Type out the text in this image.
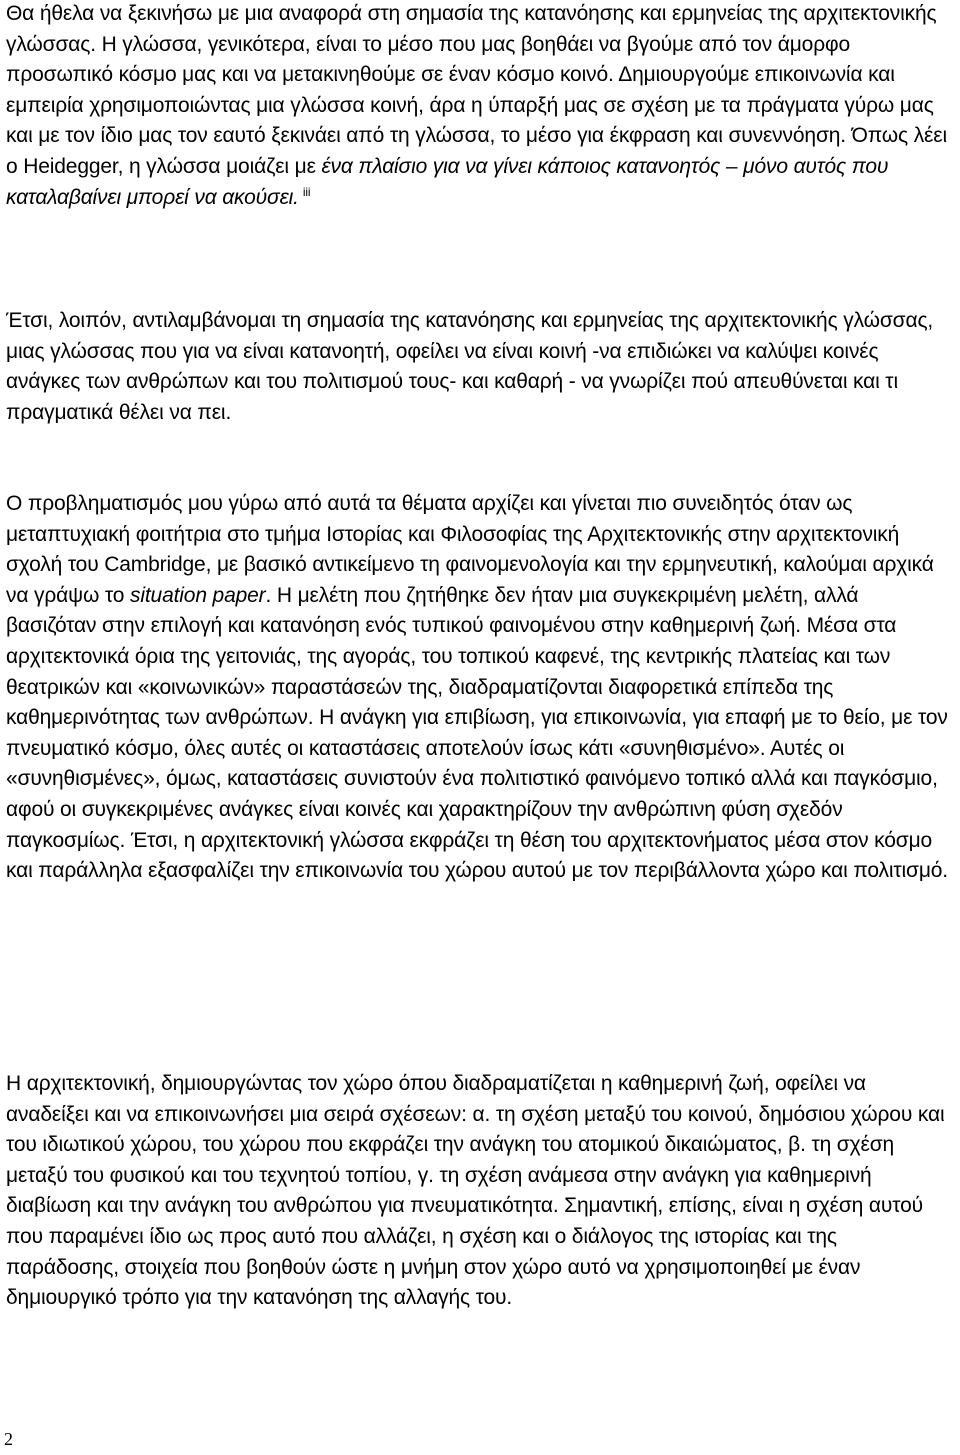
Θα ήθελα να ξεκινήσω με μια αναφορά στη σημασία της κατανόησης και ερμηνείας της αρχιτεκτονικής γλώσσας. Η γλώσσα, γενικότερα, είναι το μέσο που μας βοηθάει να βγούμε από τον άμορφο προσωπικό κόσμο μας και να μετακινηθούμε σε έναν κόσμο κοινό. Δημιουργούμε επικοινωνία και εμπειρία χρησιμοποιώντας μια γλώσσα κοινή, άρα η ύπαρξή μας σε σχέση με τα πράγματα γύρω μας και με τον ίδιο μας τον εαυτό ξεκινάει από τη γλώσσα, το μέσο για έκφραση και συνεννόηση. Όπως λέει ο Heidegger, η γλώσσα μοιάζει με ένα πλαίσιο για να γίνει κάποιος κατανοητός – μόνο αυτός που καταλαβαίνει μπορεί να ακούσει. $^{iii}$

Έτσι, λοιπόν, αντιλαμβάνομαι τη σημασία της κατανόησης και ερμηνείας της αρχιτεκτονικής γλώσσας, μιας γλώσσας που για να είναι κατανοητή, οφείλει να είναι κοινή -να επιδιώκει να καλύψει κοινές ανάγκες των ανθρώπων και του πολιτισμού τους- και καθαρή - να γνωρίζει πού απευθύνεται και τι πραγματικά θέλει να πει.

Ο προβληματισμός μου γύρω από αυτά τα θέματα αρχίζει και γίνεται πιο συνειδητός όταν ως μεταπτυχιακή φοιτήτρια στο τμήμα Ιστορίας και Φιλοσοφίας της Αρχιτεκτονικής στην αρχιτεκτονική σχολή του Cambridge, με βασικό αντικείμενο τη φαινομενολογία και την ερμηνευτική, καλούμαι αρχικά να γράψω το situation paper. Η μελέτη που ζητήθηκε δεν ήταν μια συγκεκριμένη μελέτη, αλλά βασιζόταν στην επιλογή και κατανόηση ενός τυπικού φαινομένου στην καθημερινή ζωή. Μέσα στα αρχιτεκτονικά όρια της γειτονιάς, της αγοράς, του τοπικού καφενέ, της κεντρικής πλατείας και των θεατρικών και «κοινωνικών» παραστάσεών της, διαδραματίζονται διαφορετικά επίπεδα της καθημερινότητας των ανθρώπων. Η ανάγκη για επιβίωση, για επικοινωνία, για επαφή με το θείο, με τον πνευματικό κόσμο, όλες αυτές οι καταστάσεις αποτελούν ίσως κάτι «συνηθισμένο». Αυτές οι «συνηθισμένες», όμως, καταστάσεις συνιστούν ένα πολιτιστικό φαινόμενο τοπικό αλλά και παγκόσμιο, αφού οι συγκεκριμένες ανάγκες είναι κοινές και χαρακτηρίζουν την ανθρώπινη φύση σχεδόν παγκοσμίως. Έτσι, η αρχιτεκτονική γλώσσα εκφράζει τη θέση του αρχιτεκτονήματος μέσα στον κόσμο και παράλληλα εξασφαλίζει την επικοινωνία του χώρου αυτού με τον περιβάλλοντα χώρο και πολιτισμό.

Η αρχιτεκτονική, δημιουργώντας τον χώρο όπου διαδραματίζεται η καθημερινή ζωή, οφείλει να αναδείξει και να επικοινωνήσει μια σειρά σχέσεων: α. τη σχέση μεταξύ του κοινού, δημόσιου χώρου και του ιδιωτικού χώρου, του χώρου που εκφράζει την ανάγκη του ατομικού δικαιώματος, β. τη σχέση μεταξύ του φυσικού και του τεχνητού τοπίου, γ. τη σχέση ανάμεσα στην ανάγκη για καθημερινή διαβίωση και την ανάγκη του ανθρώπου για πνευματικότητα. Σημαντική, επίσης, είναι η σχέση αυτού που παραμένει ίδιο ως προς αυτό που αλλάζει, η σχέση και ο διάλογος της ιστορίας και της παράδοσης, στοιχεία που βοηθούν ώστε η μνήμη στον χώρο αυτό να χρησιμοποιηθεί με έναν δημιουργικό τρόπο για την κατανόηση της αλλαγής του.

2
